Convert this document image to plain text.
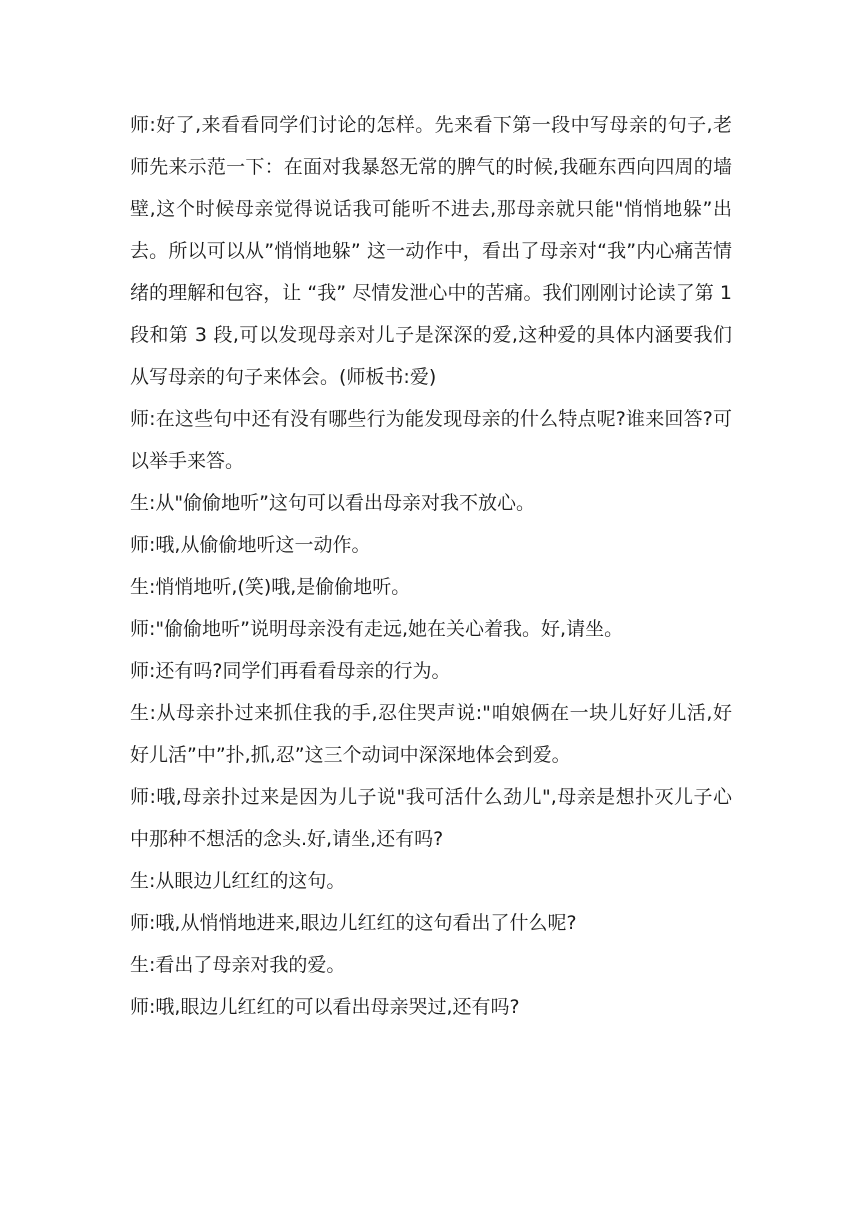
师:好了,来看看同学们讨论的怎样。先来看下第一段中写母亲的句子,老师先来示范一下：在面对我暴怒无常的脾气的时候,我砸东西向四周的墙壁,这个时候母亲觉得说话我可能听不进去,那母亲就只能"悄悄地躲”出去。所以可以从”悄悄地躲” 这一动作中，看出了母亲对“我”内心痛苦情绪的理解和包容，让 “我” 尽情发泄心中的苦痛。我们刚刚讨论读了第 1 段和第 3 段,可以发现母亲对儿子是深深的爱,这种爱的具体内涵要我们从写母亲的句子来体会。(师板书:爱)

师:在这些句中还有没有哪些行为能发现母亲的什么特点呢?谁来回答?可以举手来答。

生:从"偷偷地听”这句可以看出母亲对我不放心。

师:哦,从偷偷地听这一动作。

生:悄悄地听,(笑)哦,是偷偷地听。

师:"偷偷地听”说明母亲没有走远,她在关心着我。好,请坐。

师:还有吗?同学们再看看母亲的行为。

生:从母亲扑过来抓住我的手,忍住哭声说:"咱娘俩在一块儿好好儿活,好好儿活”中”扑,抓,忍”这三个动词中深深地体会到爱。

师:哦,母亲扑过来是因为儿子说"我可活什么劲儿",母亲是想扑灭儿子心中那种不想活的念头.好,请坐,还有吗?

生:从眼边儿红红的这句。

师:哦,从悄悄地进来,眼边儿红红的这句看出了什么呢?

生:看出了母亲对我的爱。

师:哦,眼边儿红红的可以看出母亲哭过,还有吗?
